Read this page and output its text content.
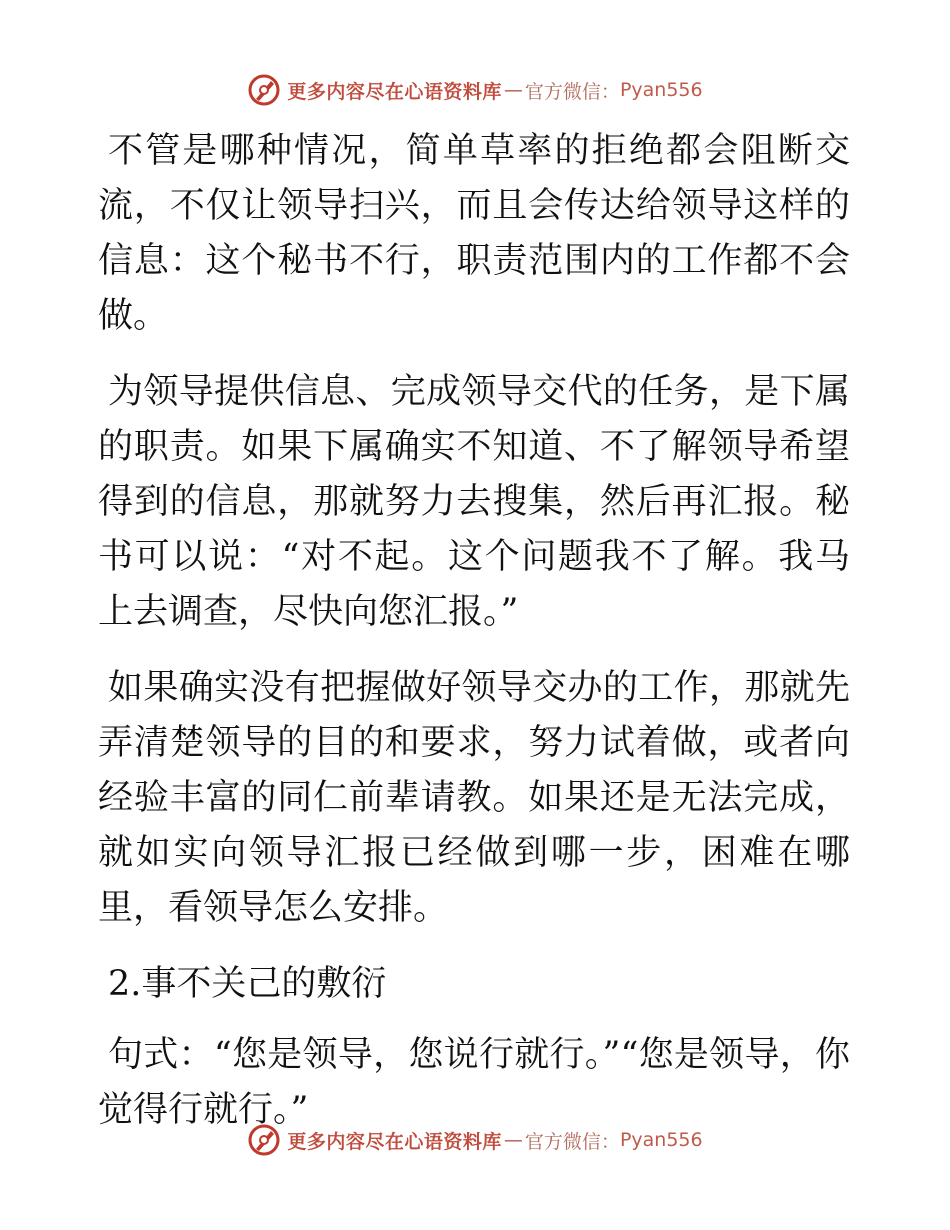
更多内容尽在心语资料库 — 官方微信： Pyan556

不管是哪种情况，简单草率的拒绝都会阻断交流，不仅让领导扫兴，而且会传达给领导这样的信息：这个秘书不行，职责范围内的工作都不会做。

为领导提供信息、完成领导交代的任务，是下属的职责。如果下属确实不知道、不了解领导希望得到的信息，那就努力去搜集，然后再汇报。秘书可以说：“对不起。这个问题我不了解。我马上去调查，尽快向您汇报。”

如果确实没有把握做好领导交办的工作，那就先弄清楚领导的目的和要求，努力试着做，或者向经验丰富的同仁前辈请教。如果还是无法完成，就如实向领导汇报已经做到哪一步，困难在哪里，看领导怎么安排。

2.事不关己的敷衍

句式：“您是领导，您说行就行。”“您是领导，你觉得行就行。”

更多内容尽在心语资料库 — 官方微信： Pyan556
